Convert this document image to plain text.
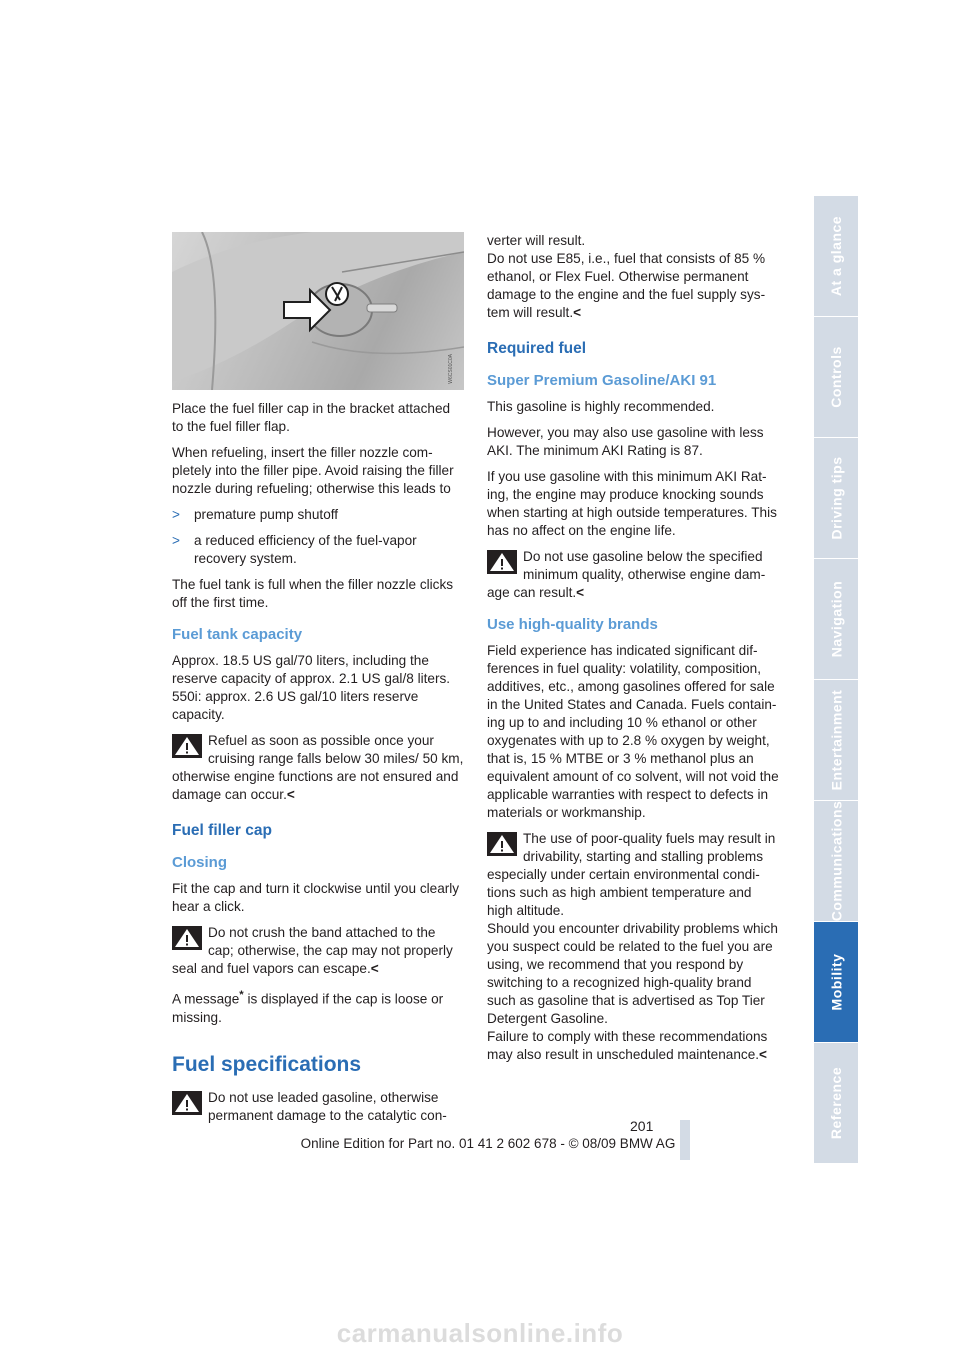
W6CS01C0A

Place the fuel filler cap in the bracket attached to the fuel filler flap.

When refueling, insert the filler nozzle com-pletely into the filler pipe. Avoid raising the filler nozzle during refueling; otherwise this leads to

>	premature pump shutoff
>	a reduced efficiency of the fuel-vapor recovery system.

The fuel tank is full when the filler nozzle clicks off the first time.

Fuel tank capacity

Approx. 18.5 US gal/70 liters, including the reserve capacity of approx. 2.1 US gal/8 liters. 550i: approx. 2.6 US gal/10 liters reserve capacity.

Refuel as soon as possible once your cruising range falls below 30 miles/ 50 km, otherwise engine functions are not ensured and damage can occur.<
Fuel filler cap
Closing

Fit the cap and turn it clockwise until you clearly hear a click.

Do not crush the band attached to the cap; otherwise, the cap may not properly seal and fuel vapors can escape.<

A message* is displayed if the cap is loose or missing.

Fuel specifications
Do not use leaded gasoline, otherwise permanent damage to the catalytic con-

verter will result.

Do not use E85, i.e., fuel that consists of 85 % ethanol, or Flex Fuel. Otherwise permanent damage to the engine and the fuel supply sys-tem will result.<

Required fuel
Super Premium Gasoline/AKI 91

This gasoline is highly recommended.

However, you may also use gasoline with less AKI. The minimum AKI Rating is 87.

If you use gasoline with this minimum AKI Rat-ing, the engine may produce knocking sounds when starting at high outside temperatures. This has no affect on the engine life.

Do not use gasoline below the specified minimum quality, otherwise engine dam-age can result.<
Use high-quality brands

Field experience has indicated significant dif-ferences in fuel quality: volatility, composition, additives, etc., among gasolines offered for sale in the United States and Canada. Fuels contain-ing up to and including 10 % ethanol or other oxygenates with up to 2.8 % oxygen by weight, that is, 15 % MTBE or 3 % methanol plus an equivalent amount of co solvent, will not void the applicable warranties with respect to defects in materials or workmanship.

The use of poor-quality fuels may result in drivability, starting and stalling problems especially under certain environmental condi-tions such as high ambient temperature and high altitude.
Should you encounter drivability problems which you suspect could be related to the fuel you are using, we recommend that you respond by switching to a recognized high-quality brand such as gasoline that is advertised as Top Tier Detergent Gasoline.
Failure to comply with these recommendations may also result in unscheduled maintenance.<
At a glance
Controls
Driving tips
Navigation
Entertainment
Communications
Mobility
Reference
201
Online Edition for Part no. 01 41 2 602 678 - © 08/09 BMW AG
carmanualsonline.info
